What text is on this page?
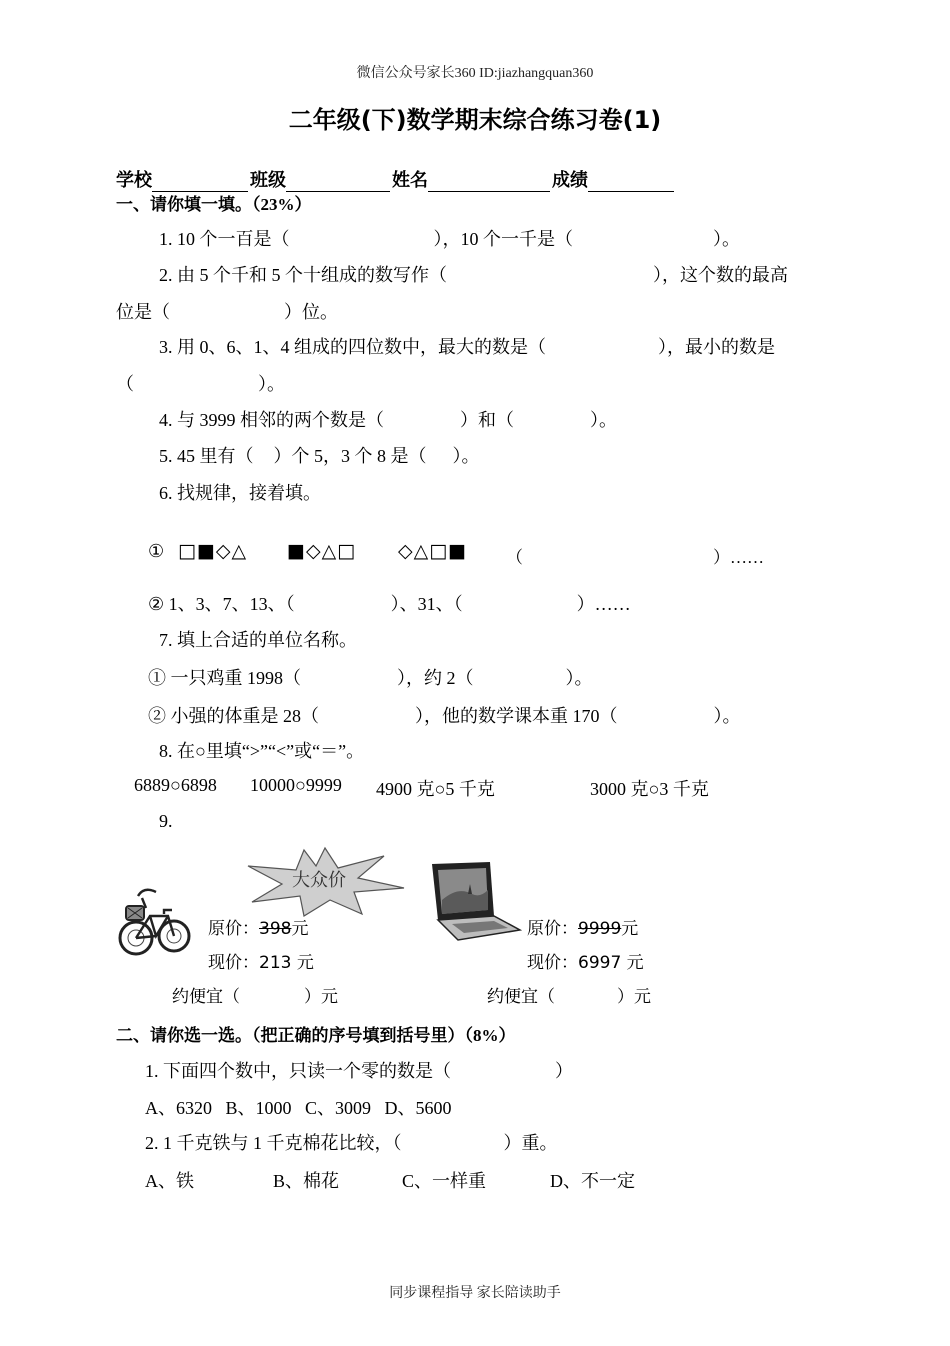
微信公众号家长360 ID:jiazhangquan360
二年级(下)数学期末综合练习卷(1)
学校	班级	姓名	成绩
一、请你填一填。（23%）
1. 10 个一百是（	），10 个一千是（	）。
2. 由 5 个千和 5 个十组成的数写作（	），这个数的最高
位是（	）位。
3. 用 0、6、1、4 组成的四位数中，最大的数是（	），最小的数是
（	）。
4. 与 3999 相邻的两个数是（	）和（	）。
5. 45 里有（ ）个 5，3 个 8 是（ ）。
6. 找规律，接着填。
① □■◇△ ■◇△□ ◇△□■ （	）……
② 1、3、7、13、（	）、31、（	）……
7. 填上合适的单位名称。
① 一只鸡重 1998（	），约 2（	）。
② 小强的体重是 28（	），他的数学课本重 170（	）。
8. 在○里填“>”“<”或“＝”。
6889○6898 10000○9999 4900 克○5 千克	3000 克○3 千克
9.
大众价
原价：398元
现价：213 元
原价：9999元
现价：6997 元
约便宜（	）元	约便宜（	）元
二、请你选一选。（把正确的序号填到括号里）（8%）
1. 下面四个数中，只读一个零的数是（	）
A、6320   B、1000   C、3009   D、5600
2. 1 千克铁与 1 千克棉花比较，（	）重。
A、铁	B、棉花	C、一样重	D、不一定
同步课程指导 家长陪读助手
